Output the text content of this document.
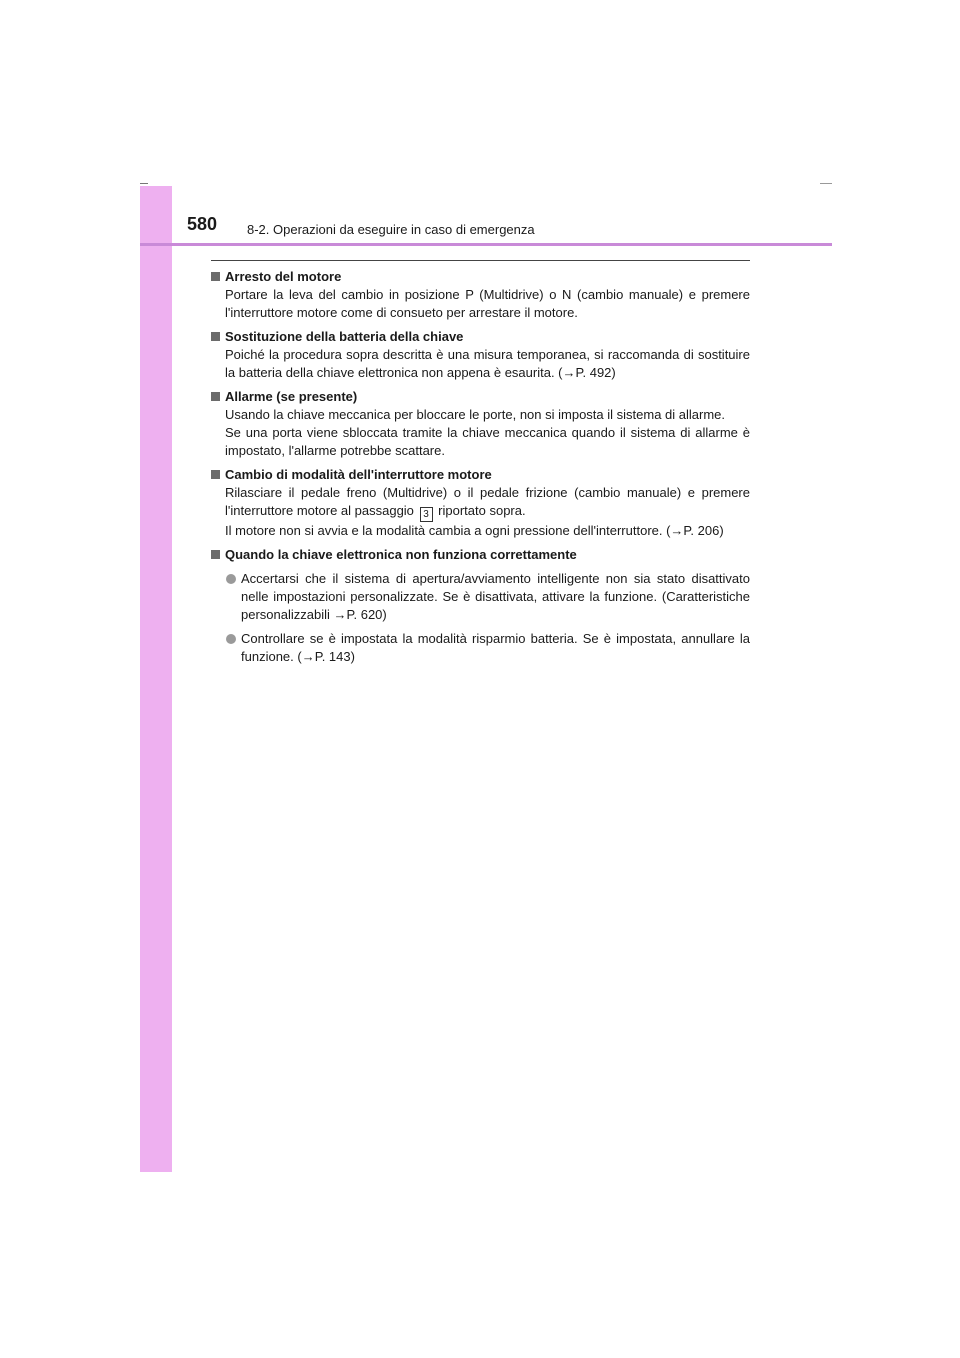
580 8-2. Operazioni da eseguire in caso di emergenza
Arresto del motore
Portare la leva del cambio in posizione P (Multidrive) o N (cambio manuale) e premere l'interruttore motore come di consueto per arrestare il motore.
Sostituzione della batteria della chiave
Poiché la procedura sopra descritta è una misura temporanea, si raccomanda di sostituire la batteria della chiave elettronica non appena è esaurita. (→P. 492)
Allarme (se presente)
Usando la chiave meccanica per bloccare le porte, non si imposta il sistema di allarme.
Se una porta viene sbloccata tramite la chiave meccanica quando il sistema di allarme è impostato, l'allarme potrebbe scattare.
Cambio di modalità dell'interruttore motore
Rilasciare il pedale freno (Multidrive) o il pedale frizione (cambio manuale) e premere l'interruttore motore al passaggio 3 riportato sopra.
Il motore non si avvia e la modalità cambia a ogni pressione dell'interruttore. (→P. 206)
Quando la chiave elettronica non funziona correttamente
Accertarsi che il sistema di apertura/avviamento intelligente non sia stato disattivato nelle impostazioni personalizzate. Se è disattivata, attivare la funzione. (Caratteristiche personalizzabili →P. 620)
Controllare se è impostata la modalità risparmio batteria. Se è impostata, annullare la funzione. (→P. 143)
